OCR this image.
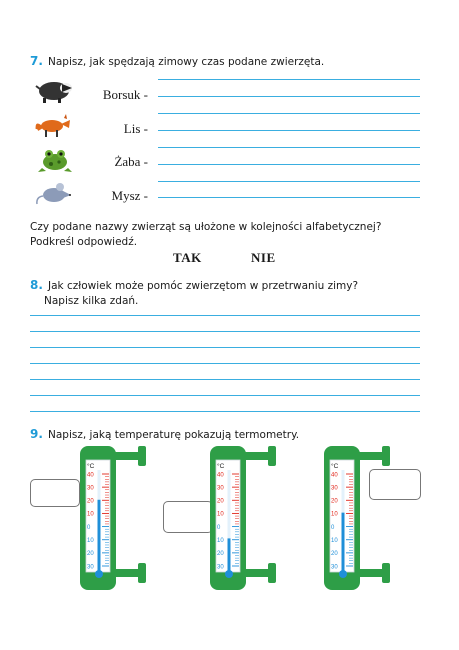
7. Napisz, jak spędzają zimowy czas podane zwierzęta.
Borsuk -
Lis -
Żaba -
Mysz -
Czy podane nazwy zwierząt są ułożone w kolejności alfabetycznej?
Podkreśl odpowiedź.
TAK	NIE
8. Jak człowiek może pomóc zwierzętom w przetrwaniu zimy?
Napisz kilka zdań.
9. Napisz, jaką temperaturę pokazują termometry.
°C
40
30
20
10
0
10
20
30
°C
40
30
20
10
0
10
20
30
°C
40
30
20
10
0
10
20
30
